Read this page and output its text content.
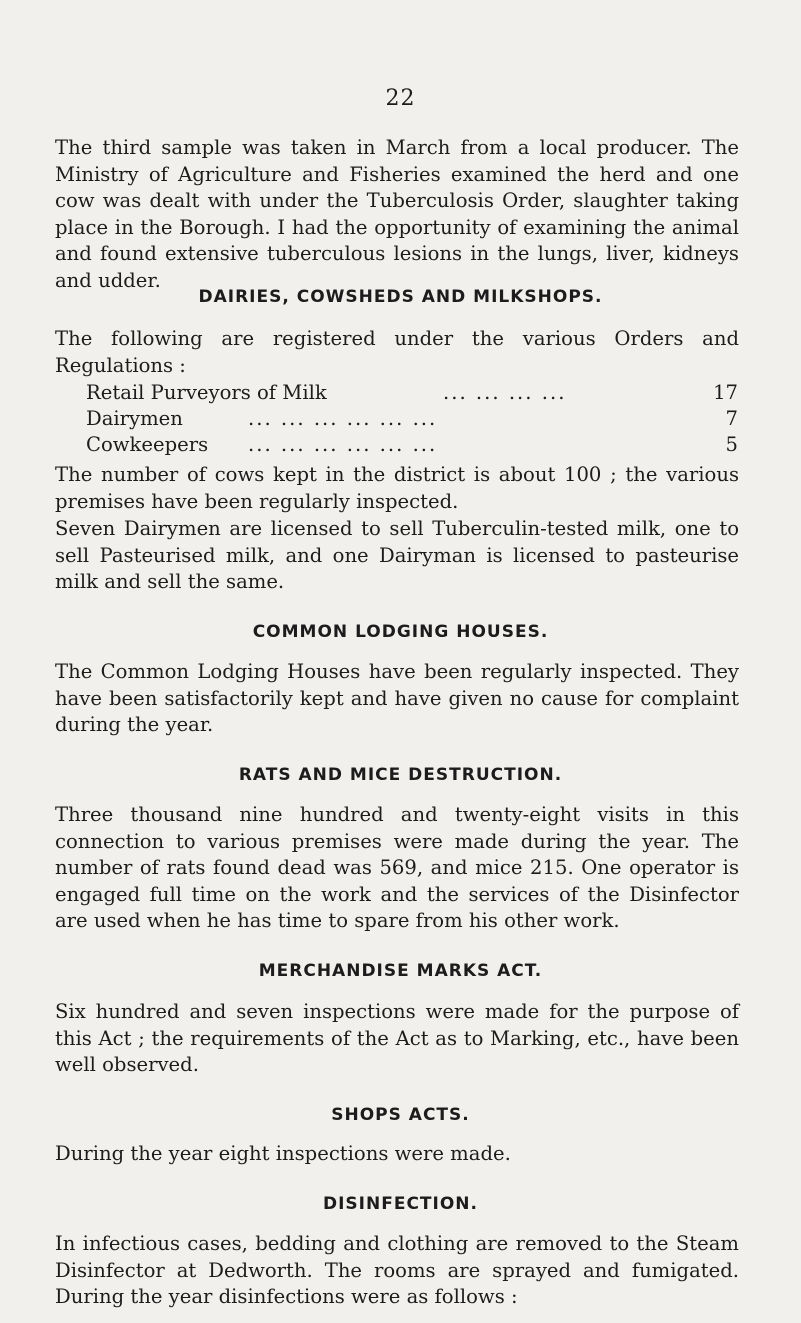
22

The third sample was taken in March from a local producer. The Ministry of Agriculture and Fisheries examined the herd and one cow was dealt with under the Tuberculosis Order, slaughter taking place in the Borough. I had the opportunity of examining the animal and found extensive tuberculous lesions in the lungs, liver, kidneys and udder.

DAIRIES, COWSHEDS AND MILKSHOPS.

The following are registered under the various Orders and Regulations :

Retail Purveyors of Milk	... ... ... ...	17
Dairymen	... ... ... ... ... ...	7
Cowkeepers ... ... ... ... ... ...	5

The number of cows kept in the district is about 100 ; the various premises have been regularly inspected.

Seven Dairymen are licensed to sell Tuberculin-tested milk, one to sell Pasteurised milk, and one Dairyman is licensed to pasteurise milk and sell the same.

COMMON LODGING HOUSES.

The Common Lodging Houses have been regularly inspected. They have been satisfactorily kept and have given no cause for complaint during the year.

RATS AND MICE DESTRUCTION.

Three thousand nine hundred and twenty-eight visits in this connection to various premises were made during the year. The number of rats found dead was 569, and mice 215. One operator is engaged full time on the work and the services of the Disinfector are used when he has time to spare from his other work.

MERCHANDISE MARKS ACT.

Six hundred and seven inspections were made for the purpose of this Act ; the requirements of the Act as to Marking, etc., have been well observed.

SHOPS ACTS.

During the year eight inspections were made.

DISINFECTION.

In infectious cases, bedding and clothing are removed to the Steam Disinfector at Dedworth. The rooms are sprayed and fumigated. During the year disinfections were as follows :
